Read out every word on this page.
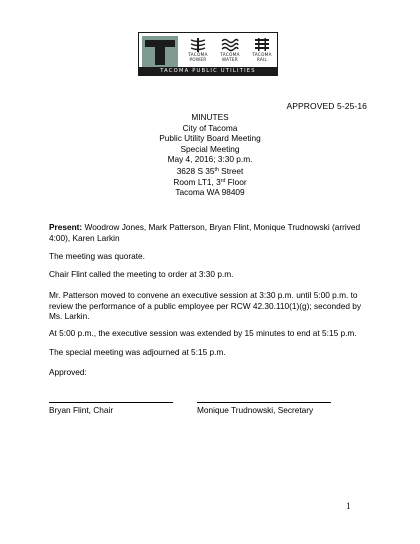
TACOMA
POWER
TACOMA
WATER
TACOMA
RAIL
TACOMA PUBLIC UTILITIES
APPROVED 5-25-16
MINUTES
City of Tacoma
Public Utility Board Meeting
Special Meeting
May 4, 2016; 3:30 p.m.
3628 S 35th Street
Room LT1, 3rd Floor
Tacoma WA 98409
Present: Woodrow Jones, Mark Patterson, Bryan Flint, Monique Trudnowski (arrived 4:00), Karen Larkin
The meeting was quorate.
Chair Flint called the meeting to order at 3:30 p.m.
Mr. Patterson moved to convene an executive session at 3:30 p.m. until 5:00 p.m. to review the performance of a public employee per RCW 42.30.110(1)(g); seconded by Ms. Larkin.
At 5:00 p.m., the executive session was extended by 15 minutes to end at 5:15 p.m.
The special meeting was adjourned at 5:15 p.m.
Approved:
Bryan Flint, Chair	Monique Trudnowski, Secretary
1
